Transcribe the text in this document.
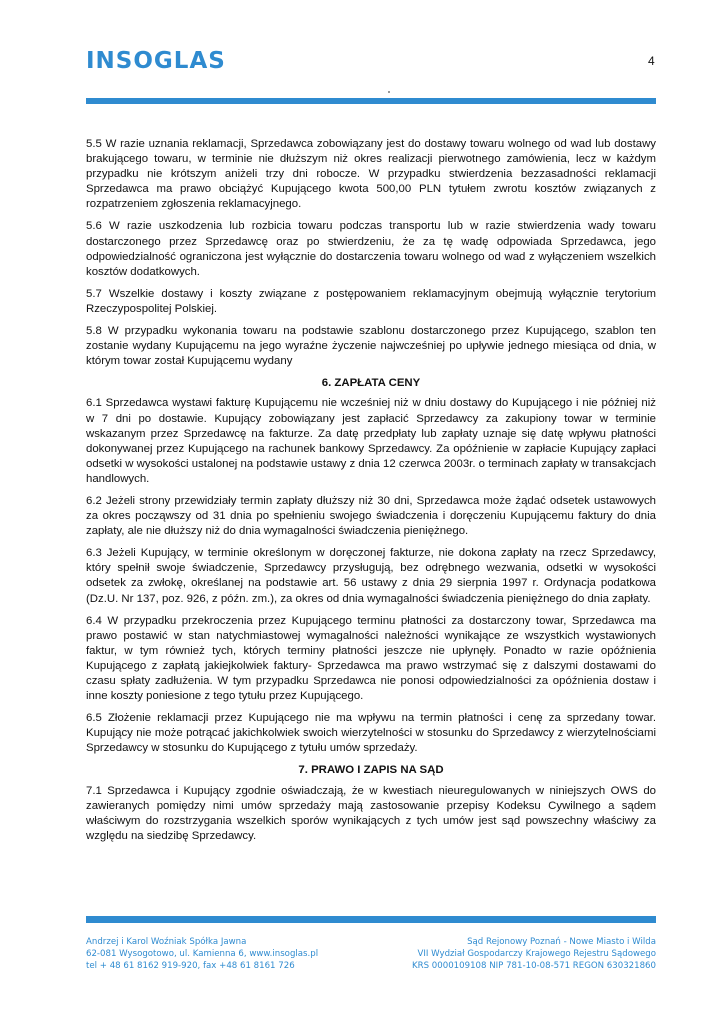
INSOGLAS	4

5.5 W razie uznania reklamacji, Sprzedawca zobowiązany jest do dostawy towaru wolnego od wad lub dostawy brakującego towaru, w terminie nie dłuższym niż okres realizacji pierwotnego zamówienia, lecz w każdym przypadku nie krótszym aniżeli trzy dni robocze. W przypadku stwierdzenia bezzasadności reklamacji Sprzedawca ma prawo obciążyć Kupującego kwota 500,00 PLN tytułem zwrotu kosztów związanych z rozpatrzeniem zgłoszenia reklamacyjnego.

5.6 W razie uszkodzenia lub rozbicia towaru podczas transportu lub w razie stwierdzenia wady towaru dostarczonego przez Sprzedawcę oraz po stwierdzeniu, że za tę wadę odpowiada Sprzedawca, jego odpowiedzialność ograniczona jest wyłącznie do dostarczenia towaru wolnego od wad z wyłączeniem wszelkich kosztów dodatkowych.

5.7 Wszelkie dostawy i koszty związane z postępowaniem reklamacyjnym obejmują wyłącznie terytorium Rzeczypospolitej Polskiej.

5.8 W przypadku wykonania towaru na podstawie szablonu dostarczonego przez Kupującego, szablon ten zostanie wydany Kupującemu na jego wyraźne życzenie najwcześniej po upływie jednego miesiąca od dnia, w którym towar został Kupującemu wydany

6. ZAPŁATA CENY

6.1 Sprzedawca wystawi fakturę Kupującemu nie wcześniej niż w dniu dostawy do Kupującego i nie później niż w 7 dni po dostawie. Kupujący zobowiązany jest zapłacić Sprzedawcy za zakupiony towar w terminie wskazanym przez Sprzedawcę na fakturze. Za datę przedpłaty lub zapłaty uznaje się datę wpływu płatności dokonywanej przez Kupującego na rachunek bankowy Sprzedawcy. Za opóźnienie w zapłacie Kupujący zapłaci odsetki w wysokości ustalonej na podstawie ustawy z dnia 12 czerwca 2003r. o terminach zapłaty w transakcjach handlowych.

6.2 Jeżeli strony przewidziały termin zapłaty dłuższy niż 30 dni, Sprzedawca może żądać odsetek ustawowych za okres począwszy od 31 dnia po spełnieniu swojego świadczenia i doręczeniu Kupującemu faktury do dnia zapłaty, ale nie dłuższy niż do dnia wymagalności świadczenia pieniężnego.

6.3 Jeżeli Kupujący, w terminie określonym w doręczonej fakturze, nie dokona zapłaty na rzecz Sprzedawcy, który spełnił swoje świadczenie, Sprzedawcy przysługują, bez odrębnego wezwania, odsetki w wysokości odsetek za zwłokę, określanej na podstawie art. 56 ustawy z dnia 29 sierpnia 1997 r. Ordynacja podatkowa (Dz.U. Nr 137, poz. 926, z późn. zm.), za okres od dnia wymagalności świadczenia pieniężnego do dnia zapłaty.

6.4 W przypadku przekroczenia przez Kupującego terminu płatności za dostarczony towar, Sprzedawca ma prawo postawić w stan natychmiastowej wymagalności należności wynikające ze wszystkich wystawionych faktur, w tym również tych, których terminy płatności jeszcze nie upłynęły. Ponadto w razie opóźnienia Kupującego z zapłatą jakiejkolwiek faktury- Sprzedawca ma prawo wstrzymać się z dalszymi dostawami do czasu spłaty zadłużenia. W tym przypadku Sprzedawca nie ponosi odpowiedzialności za opóźnienia dostaw i inne koszty poniesione z tego tytułu przez Kupującego.

6.5 Złożenie reklamacji przez Kupującego nie ma wpływu na termin płatności i cenę za sprzedany towar. Kupujący nie może potrącać jakichkolwiek swoich wierzytelności w stosunku do Sprzedawcy z wierzytelnościami Sprzedawcy w stosunku do Kupującego z tytułu umów sprzedaży.

7. PRAWO I ZAPIS NA SĄD

7.1 Sprzedawca i Kupujący zgodnie oświadczają, że w kwestiach nieuregulowanych w niniejszych OWS do zawieranych pomiędzy nimi umów sprzedaży mają zastosowanie przepisy Kodeksu Cywilnego a sądem właściwym do rozstrzygania wszelkich sporów wynikających z tych umów jest sąd powszechny właściwy za względu na siedzibę Sprzedawcy.

Andrzej i Karol Woźniak Spółka Jawna
62-081 Wysogotowo, ul. Kamienna 6, www.insoglas.pl
tel + 48 61 8162 919-920, fax +48 61 8161 726
Sąd Rejonowy Poznań - Nowe Miasto i Wilda
VII Wydział Gospodarczy Krajowego Rejestru Sądowego
KRS 0000109108 NIP 781-10-08-571 REGON 630321860
